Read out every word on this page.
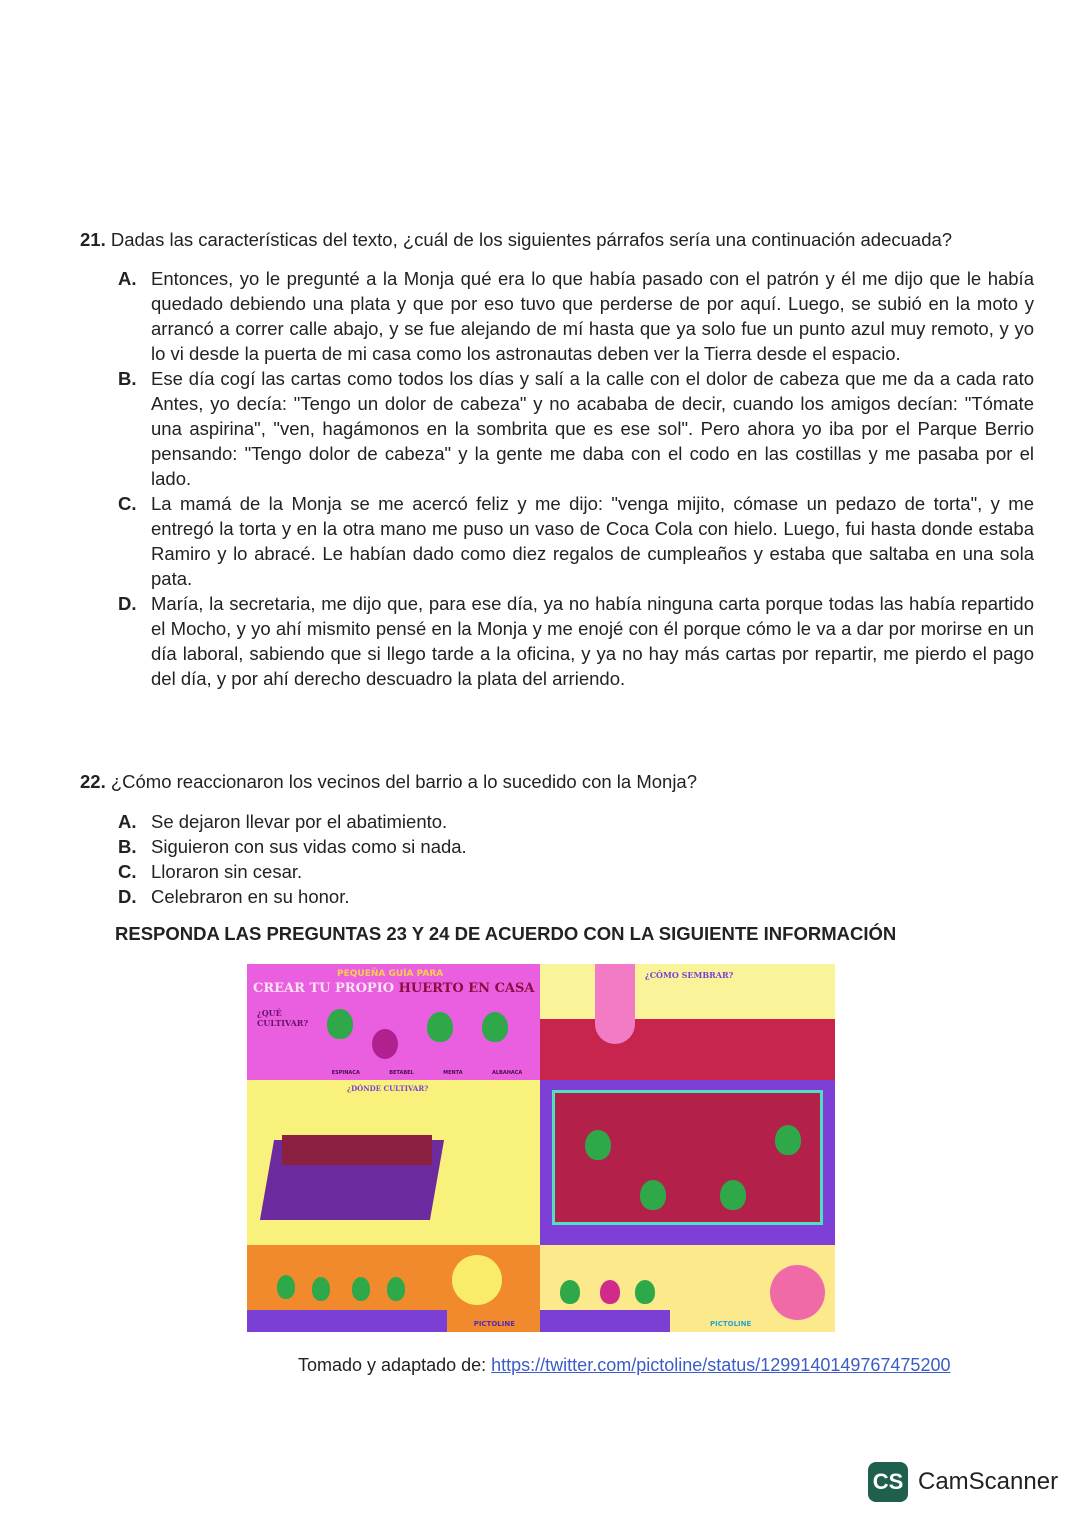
21. Dadas las características del texto, ¿cuál de los siguientes párrafos sería una continuación adecuada?
A. Entonces, yo le pregunté a la Monja qué era lo que había pasado con el patrón y él me dijo que le había quedado debiendo una plata y que por eso tuvo que perderse de por aquí. Luego, se subió en la moto y arrancó a correr calle abajo, y se fue alejando de mí hasta que ya solo fue un punto azul muy remoto, y yo lo vi desde la puerta de mi casa como los astronautas deben ver la Tierra desde el espacio.
B. Ese día cogí las cartas como todos los días y salí a la calle con el dolor de cabeza que me da a cada rato Antes, yo decía: "Tengo un dolor de cabeza" y no acababa de decir, cuando los amigos decían: "Tómate una aspirina", "ven, hagámonos en la sombrita que es ese sol". Pero ahora yo iba por el Parque Berrio pensando: "Tengo dolor de cabeza" y la gente me daba con el codo en las costillas y me pasaba por el lado.
C. La mamá de la Monja se me acercó feliz y me dijo: "venga mijito, cómase un pedazo de torta", y me entregó la torta y en la otra mano me puso un vaso de Coca Cola con hielo. Luego, fui hasta donde estaba Ramiro y lo abracé. Le habían dado como diez regalos de cumpleaños y estaba que saltaba en una sola pata.
D. María, la secretaria, me dijo que, para ese día, ya no había ninguna carta porque todas las había repartido el Mocho, y yo ahí mismito pensé en la Monja y me enojé con él porque cómo le va a dar por morirse en un día laboral, sabiendo que si llego tarde a la oficina, y ya no hay más cartas por repartir, me pierdo el pago del día, y por ahí derecho descuadro la plata del arriendo.
22. ¿Cómo reaccionaron los vecinos del barrio a lo sucedido con la Monja?
A. Se dejaron llevar por el abatimiento.
B. Siguieron con sus vidas como si nada.
C. Lloraron sin cesar.
D. Celebraron en su honor.
RESPONDA LAS PREGUNTAS 23 Y 24 DE ACUERDO CON LA SIGUIENTE INFORMACIÓN
PEQUEÑA GUÍA PARA
CREAR TU PROPIO HUERTO EN CASA
¿QUÉ CULTIVAR?
ESPINACA	BETABEL	MENTA	ALBAHACA
¿CÓMO SEMBRAR?
¿DÓNDE CULTIVAR?
PICTOLINE	PICTOLINE
Tomado y adaptado de: https://twitter.com/pictoline/status/1299140149767475200
CS CamScanner
